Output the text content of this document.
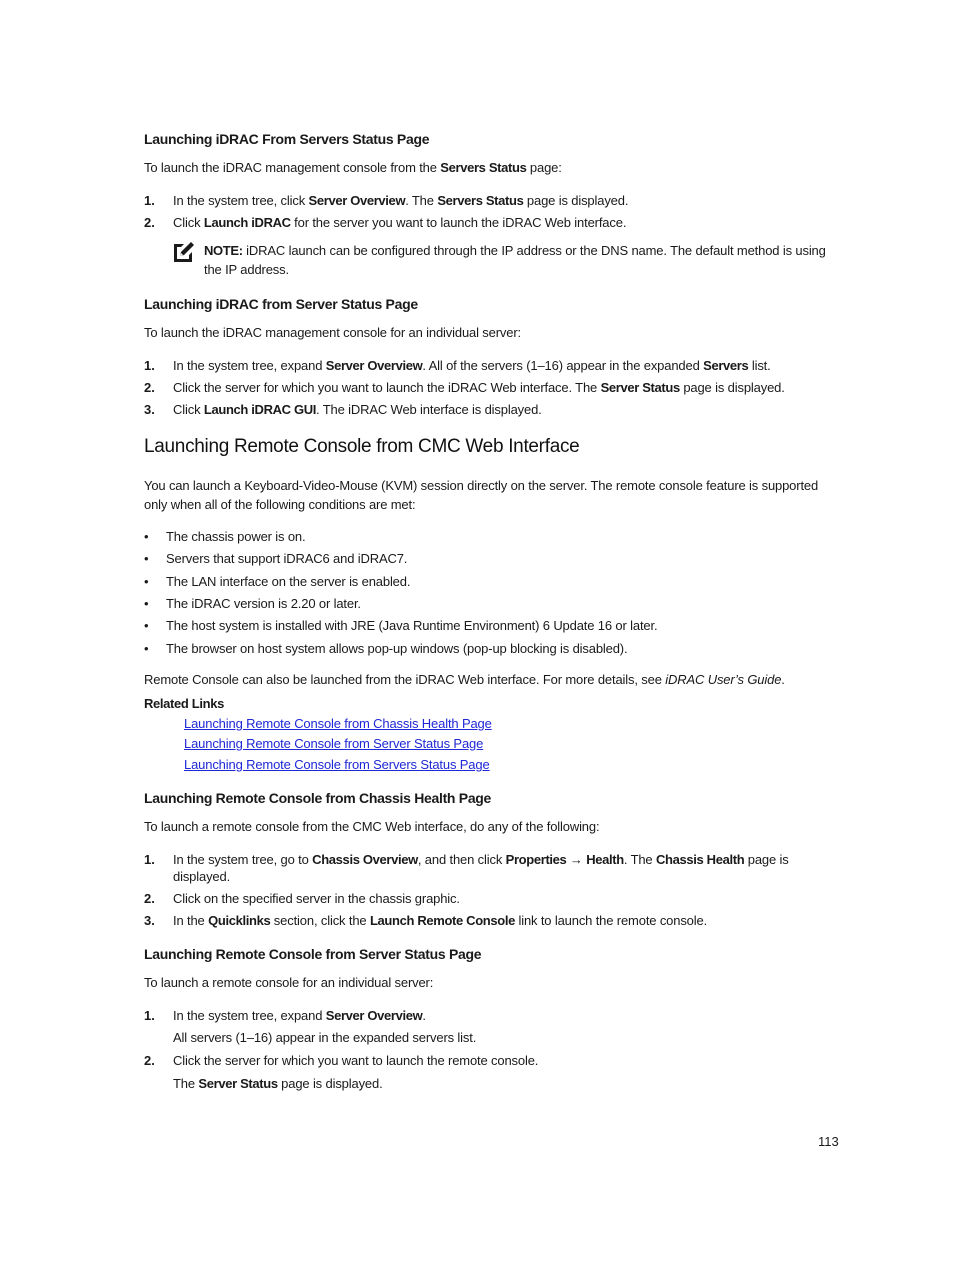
Launching iDRAC From Servers Status Page
To launch the iDRAC management console from the Servers Status page:
1. In the system tree, click Server Overview. The Servers Status page is displayed.
2. Click Launch iDRAC for the server you want to launch the iDRAC Web interface.
NOTE: iDRAC launch can be configured through the IP address or the DNS name. The default method is using
the IP address.
Launching iDRAC from Server Status Page
To launch the iDRAC management console for an individual server:
1. In the system tree, expand Server Overview. All of the servers (1–16) appear in the expanded Servers list.
2. Click the server for which you want to launch the iDRAC Web interface. The Server Status page is displayed.
3. Click Launch iDRAC GUI. The iDRAC Web interface is displayed.
Launching Remote Console from CMC Web Interface
You can launch a Keyboard-Video-Mouse (KVM) session directly on the server. The remote console feature is supported
only when all of the following conditions are met:
• The chassis power is on.
• Servers that support iDRAC6 and iDRAC7.
• The LAN interface on the server is enabled.
• The iDRAC version is 2.20 or later.
• The host system is installed with JRE (Java Runtime Environment) 6 Update 16 or later.
• The browser on host system allows pop-up windows (pop-up blocking is disabled).
Remote Console can also be launched from the iDRAC Web interface. For more details, see iDRAC User’s Guide.
Related Links
Launching Remote Console from Chassis Health Page
Launching Remote Console from Server Status Page
Launching Remote Console from Servers Status Page
Launching Remote Console from Chassis Health Page
To launch a remote console from the CMC Web interface, do any of the following:
1. In the system tree, go to Chassis Overview, and then click Properties → Health. The Chassis Health page is
displayed.
2. Click on the specified server in the chassis graphic.
3. In the Quicklinks section, click the Launch Remote Console link to launch the remote console.
Launching Remote Console from Server Status Page
To launch a remote console for an individual server:
1. In the system tree, expand Server Overview.
All servers (1–16) appear in the expanded servers list.
2. Click the server for which you want to launch the remote console.
The Server Status page is displayed.
113
